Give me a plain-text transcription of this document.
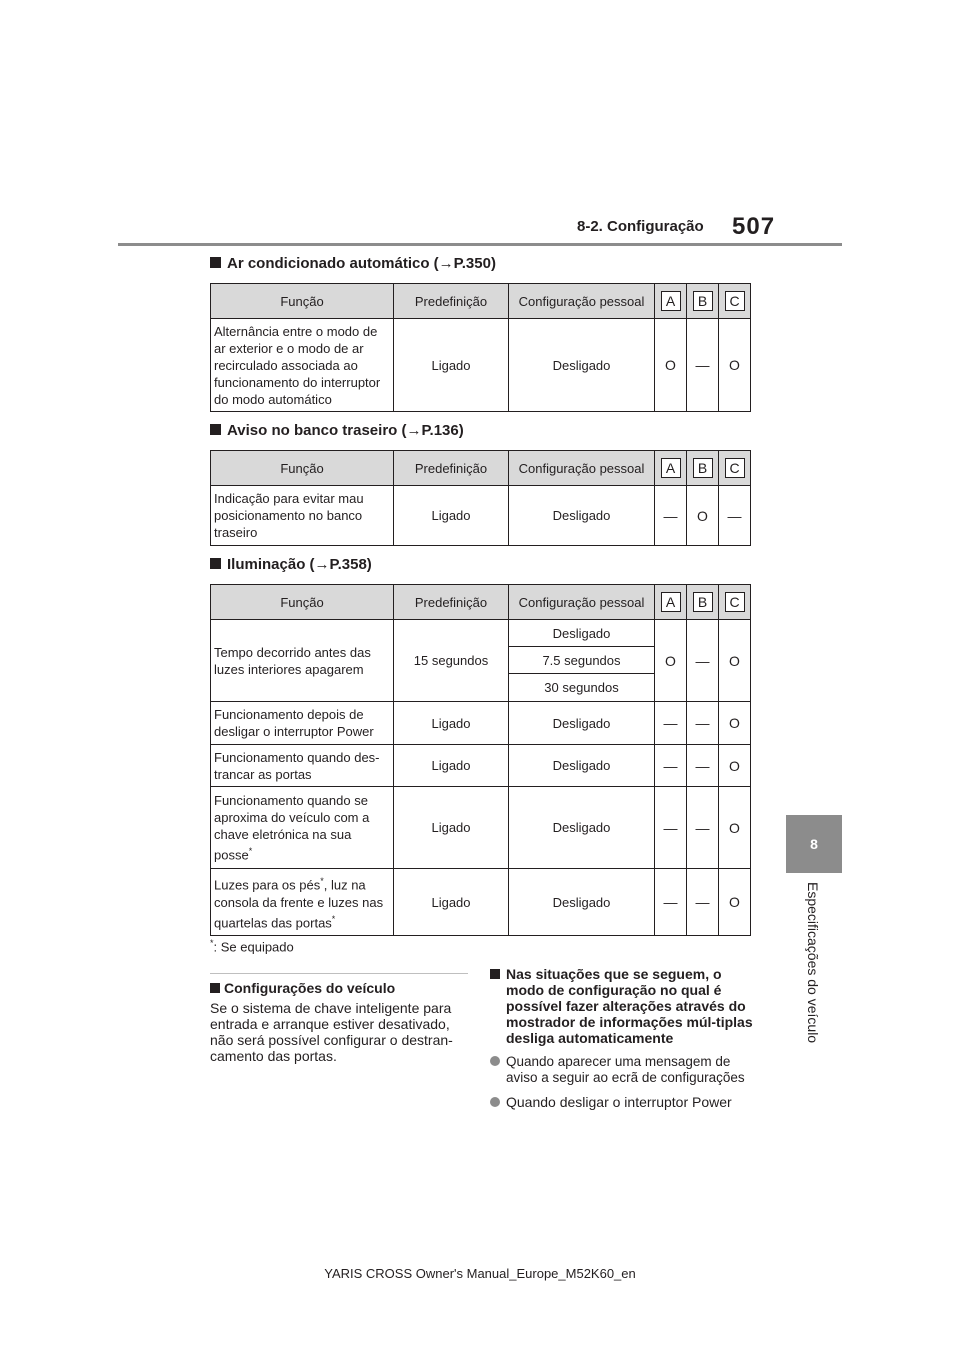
8-2. Configuração 507
8
Especificações do veículo
Ar condicionado automático (→P.350)
Função	Predefinição	Configuração pessoal	A	B	C
Alternância entre o modo de ar exterior e o modo de ar recirculado associada ao funcionamento do interruptor do modo automático	Ligado	Desligado	O	—	O
Aviso no banco traseiro (→P.136)
Função	Predefinição	Configuração pessoal	A	B	C
Indicação para evitar mau posicionamento no banco traseiro	Ligado	Desligado	—	O	—
Iluminação (→P.358)
Função	Predefinição	Configuração pessoal	A	B	C
Tempo decorrido antes das luzes interiores apagarem	15 segundos	Desligado	O	—	O
		7.5 segundos			
		30 segundos			
Funcionamento depois de desligar o interruptor Power	Ligado	Desligado	—	—	O
Funcionamento quando des-trancar as portas	Ligado	Desligado	—	—	O
Funcionamento quando se aproxima do veículo com a chave eletrónica na sua posse*	Ligado	Desligado	—	—	O
Luzes para os pés*, luz na consola da frente e luzes nas quartelas das portas*	Ligado	Desligado	—	—	O
*: Se equipado
Configurações do veículo
Se o sistema de chave inteligente para entrada e arranque estiver desativado, não será possível configurar o destran-camento das portas.
Nas situações que se seguem, o modo de configuração no qual é possível fazer alterações através do mostrador de informações múl-tiplas desliga automaticamente
Quando aparecer uma mensagem de aviso a seguir ao ecrã de configurações
Quando desligar o interruptor Power
YARIS CROSS Owner's Manual_Europe_M52K60_en
